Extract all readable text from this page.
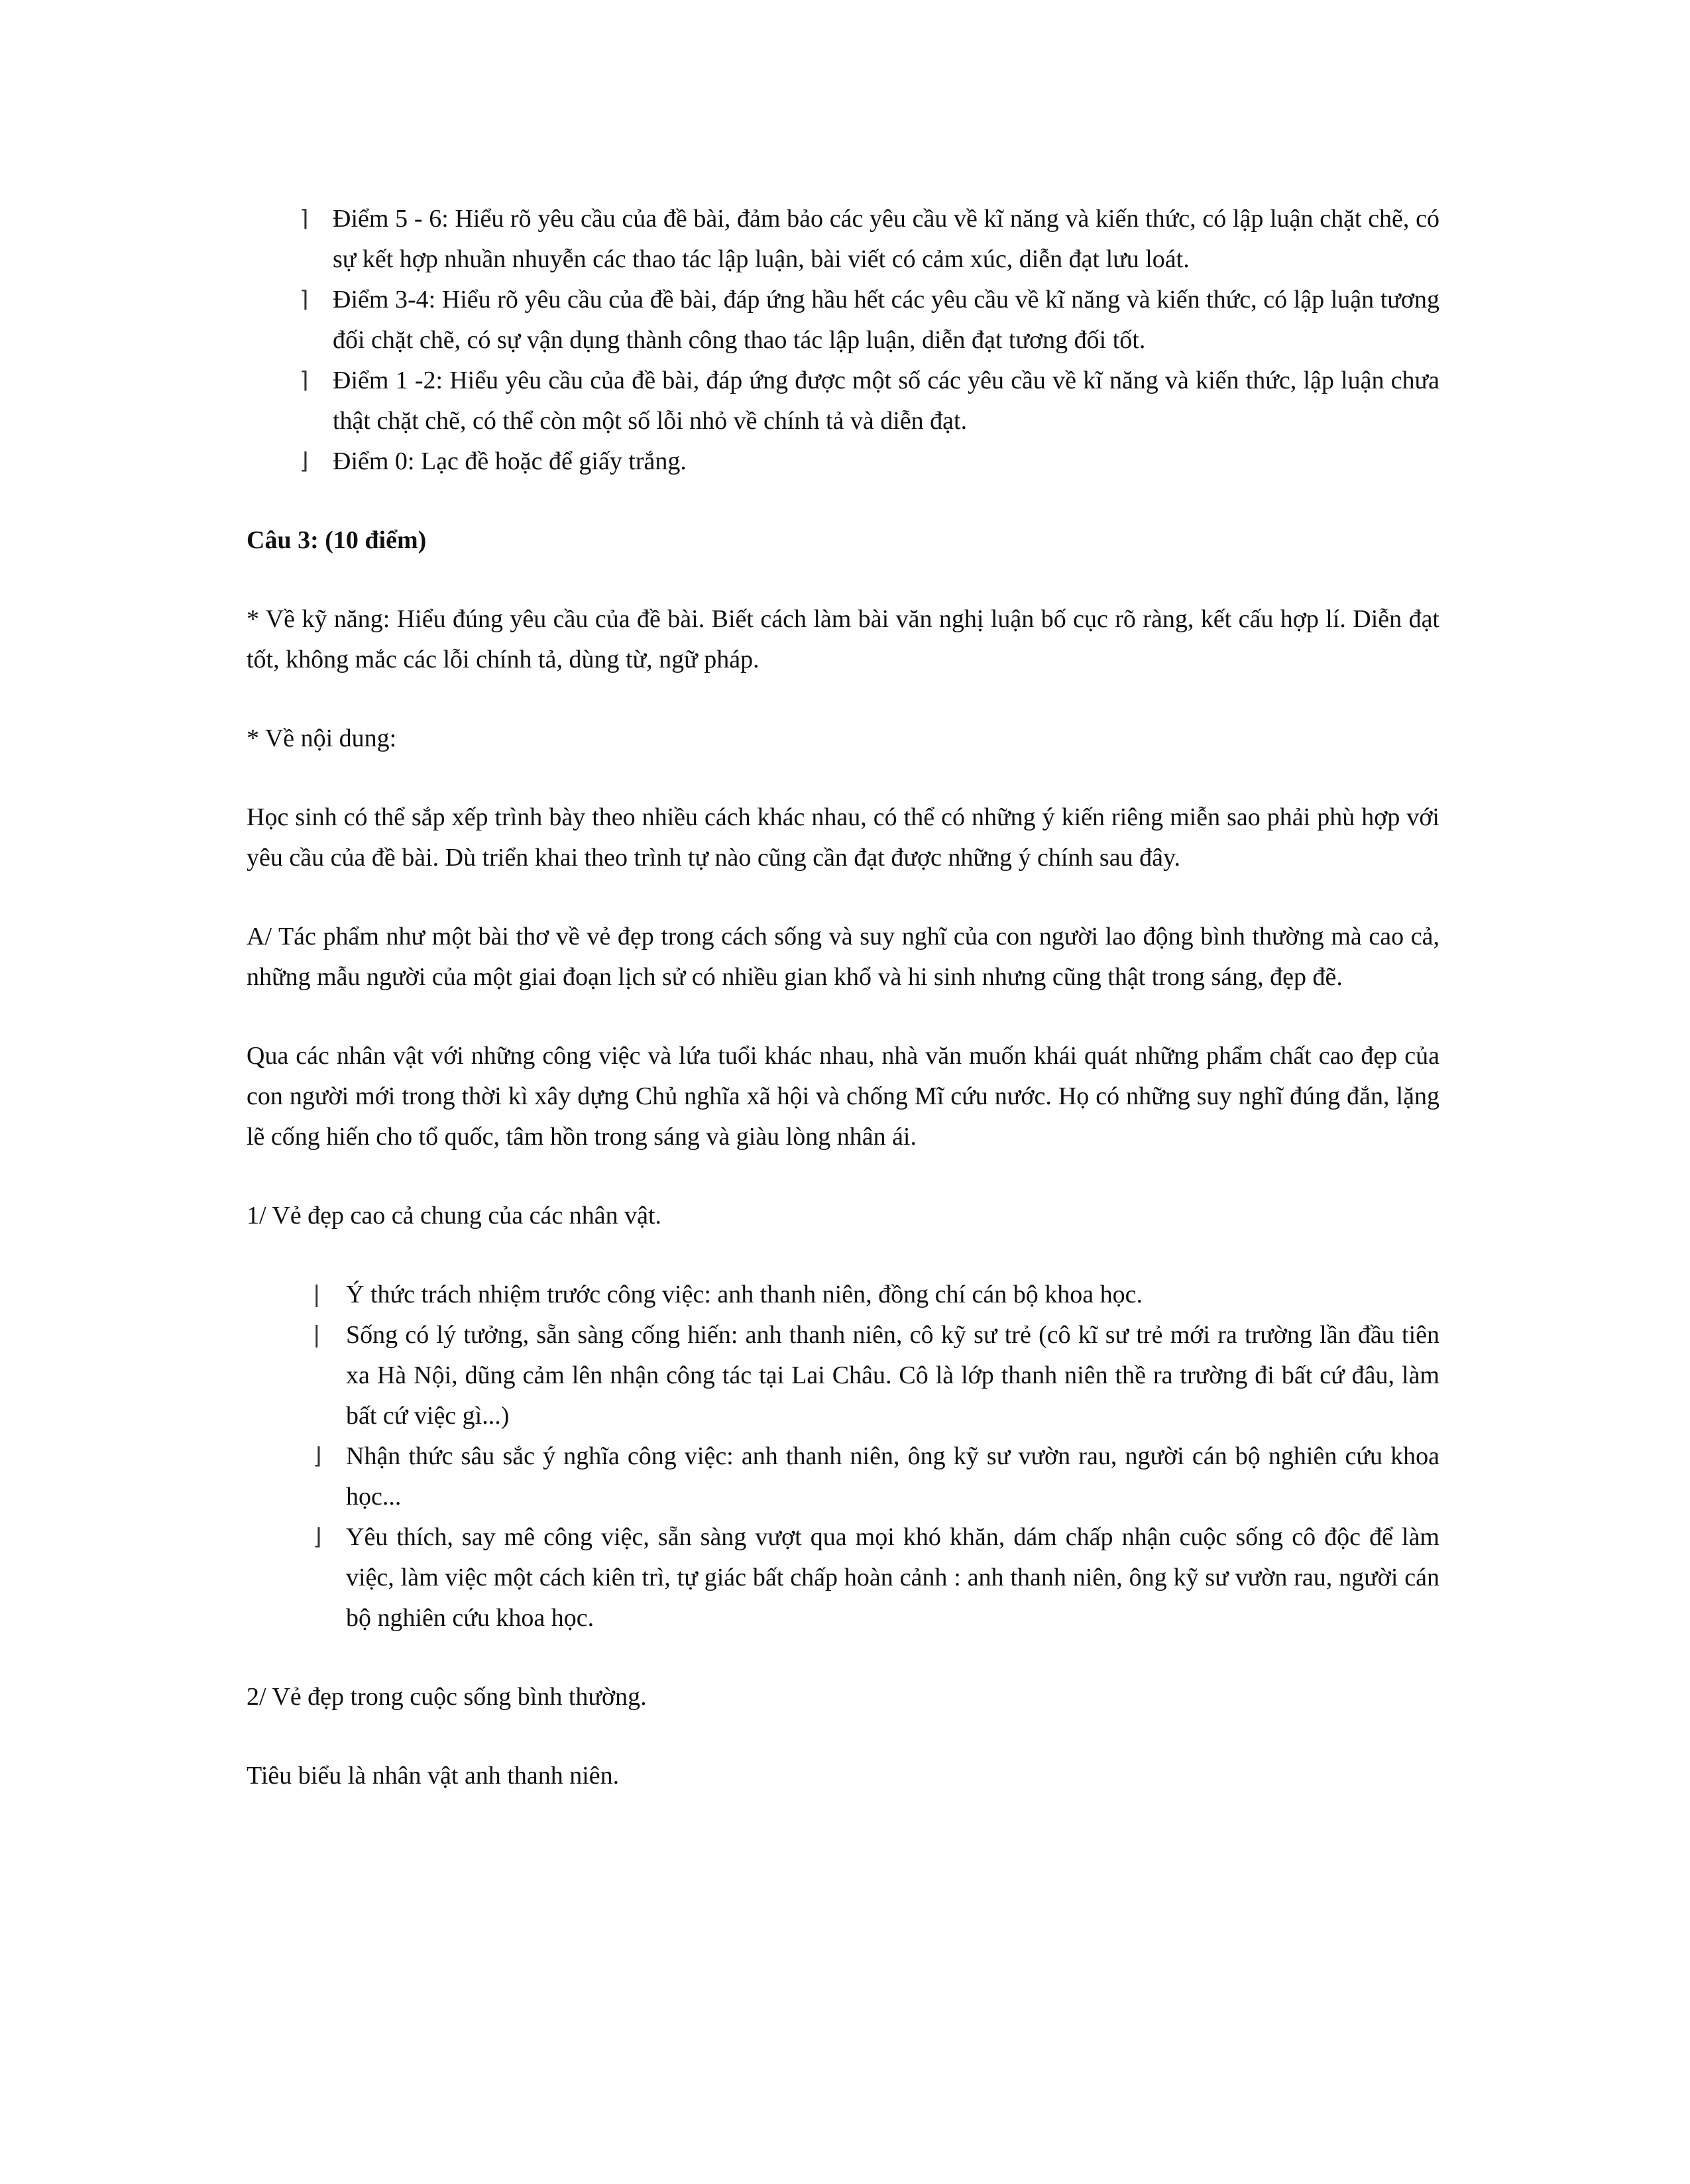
⌉ Điểm 5 - 6: Hiểu rõ yêu cầu của đề bài, đảm bảo các yêu cầu về kĩ năng và kiến thức, có lập luận chặt chẽ, có sự kết hợp nhuần nhuyễn các thao tác lập luận, bài viết có cảm xúc, diễn đạt lưu loát.
⌉ Điểm 3-4: Hiểu rõ yêu cầu của đề bài, đáp ứng hầu hết các yêu cầu về kĩ năng và kiến thức, có lập luận tương đối chặt chẽ, có sự vận dụng thành công thao tác lập luận, diễn đạt tương đối tốt.
⌉ Điểm 1 -2: Hiểu yêu cầu của đề bài, đáp ứng được một số các yêu cầu về kĩ năng và kiến thức, lập luận chưa thật chặt chẽ, có thể còn một số lỗi nhỏ về chính tả và diễn đạt.
⌋ Điểm 0: Lạc đề hoặc để giấy trắng.

Câu 3: (10 điểm)

* Về kỹ năng: Hiểu đúng yêu cầu của đề bài. Biết cách làm bài văn nghị luận bố cục rõ ràng, kết cấu hợp lí. Diễn đạt tốt, không mắc các lỗi chính tả, dùng từ, ngữ pháp.

* Về nội dung:

Học sinh có thể sắp xếp trình bày theo nhiều cách khác nhau, có thể có những ý kiến riêng miễn sao phải phù hợp với yêu cầu của đề bài. Dù triển khai theo trình tự nào cũng cần đạt được những ý chính sau đây.

A/ Tác phẩm như một bài thơ về vẻ đẹp trong cách sống và suy nghĩ của con người lao động bình thường mà cao cả, những mẫu người của một giai đoạn lịch sử có nhiều gian khổ và hi sinh nhưng cũng thật trong sáng, đẹp đẽ.

Qua các nhân vật với những công việc và lứa tuổi khác nhau, nhà văn muốn khái quát những phẩm chất cao đẹp của con người mới trong thời kì xây dựng Chủ nghĩa xã hội và chống Mĩ cứu nước. Họ có những suy nghĩ đúng đắn, lặng lẽ cống hiến cho tổ quốc, tâm hồn trong sáng và giàu lòng nhân ái.

1/ Vẻ đẹp cao cả chung của các nhân vật.

|	Ý thức trách nhiệm trước công việc: anh thanh niên, đồng chí cán bộ khoa học.
|	Sống có lý tưởng, sẵn sàng cống hiến: anh thanh niên, cô kỹ sư trẻ (cô kĩ sư trẻ mới ra trường lần đầu tiên xa Hà Nội, dũng cảm lên nhận công tác tại Lai Châu. Cô là lớp thanh niên thề ra trường đi bất cứ đâu, làm bất cứ việc gì...)
⌋ Nhận thức sâu sắc ý nghĩa công việc: anh thanh niên, ông kỹ sư vườn rau, người cán bộ nghiên cứu khoa học...
⌋ Yêu thích, say mê công việc, sẵn sàng vượt qua mọi khó khăn, dám chấp nhận cuộc sống cô độc để làm việc, làm việc một cách kiên trì, tự giác bất chấp hoàn cảnh : anh thanh niên, ông kỹ sư vườn rau, người cán bộ nghiên cứu khoa học.

2/ Vẻ đẹp trong cuộc sống bình thường.

Tiêu biểu là nhân vật anh thanh niên.
